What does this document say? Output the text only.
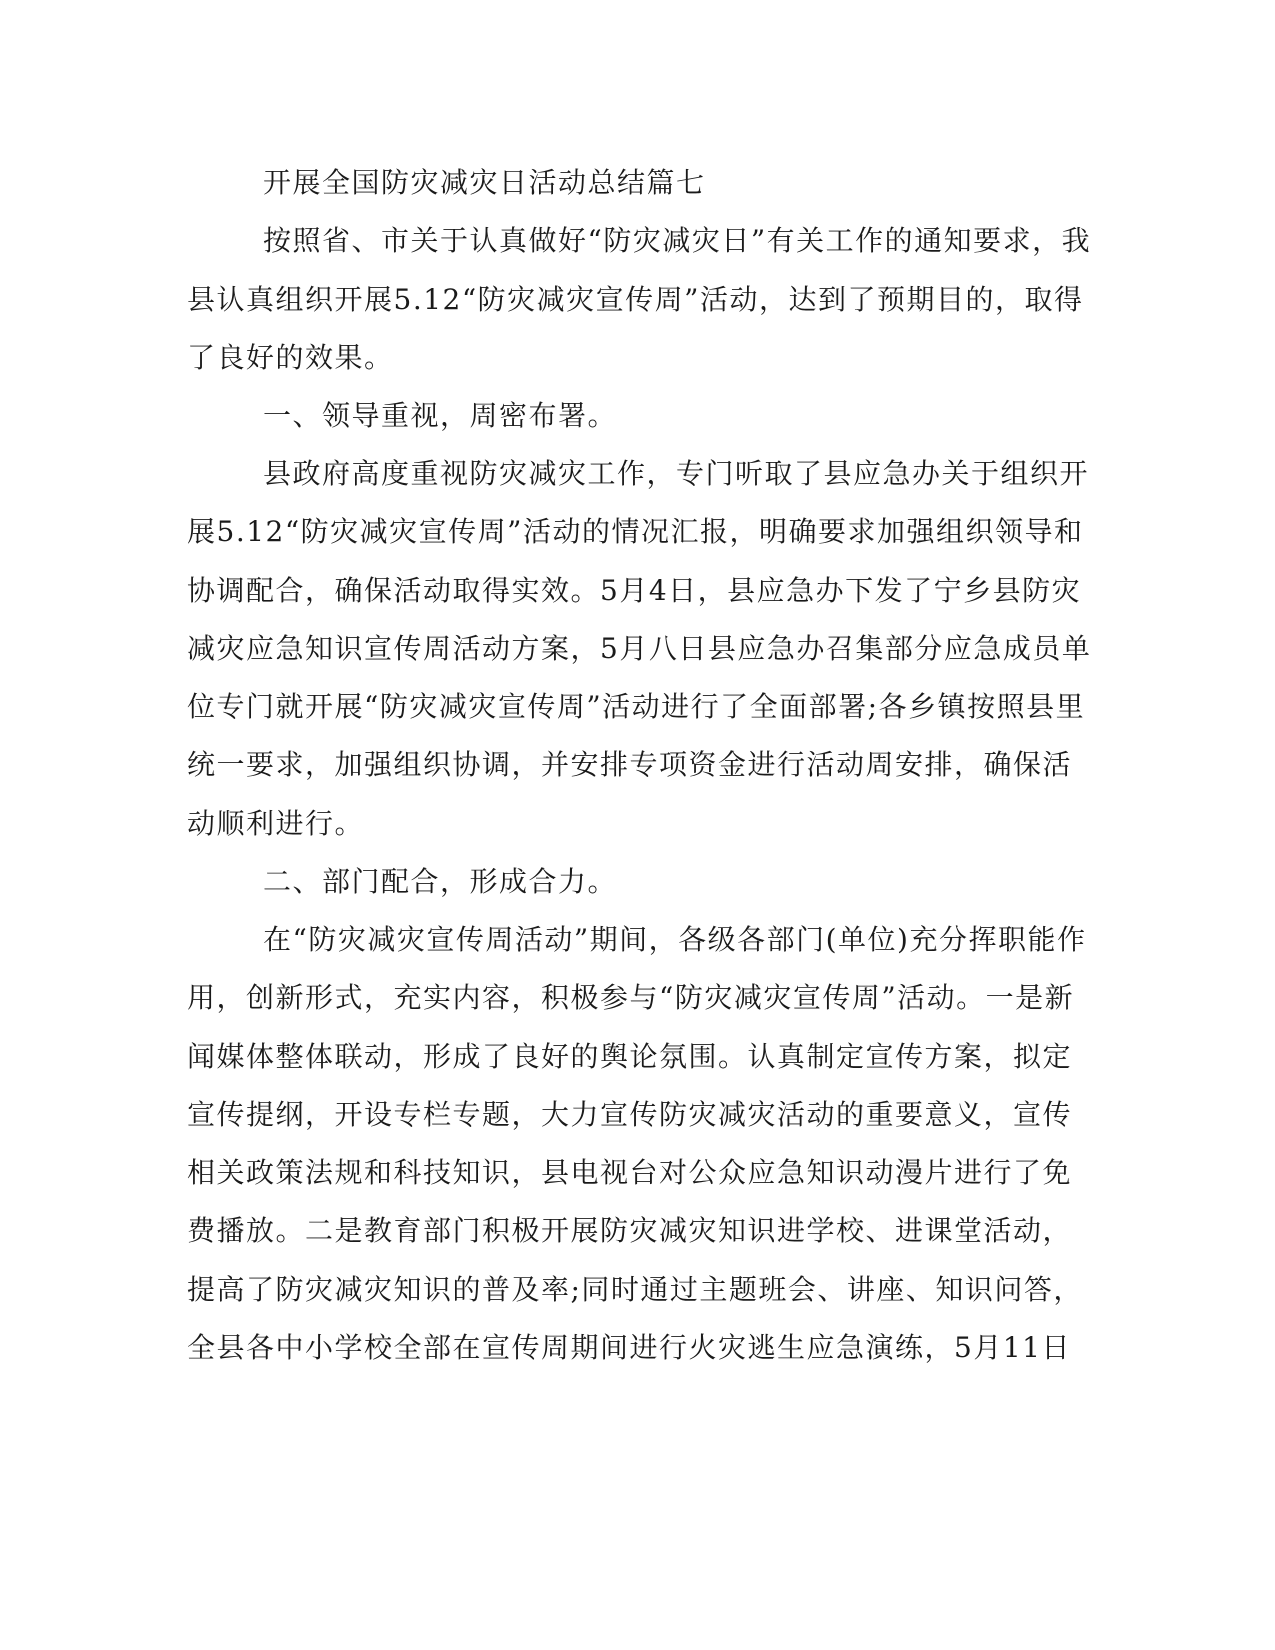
开展全国防灾减灾日活动总结篇七
按照省、市关于认真做好“防灾减灾日”有关工作的通知要求，我
县认真组织开展5.12“防灾减灾宣传周”活动，达到了预期目的，取得
了良好的效果。
一、领导重视，周密布署。
县政府高度重视防灾减灾工作，专门听取了县应急办关于组织开
展5.12“防灾减灾宣传周”活动的情况汇报，明确要求加强组织领导和
协调配合，确保活动取得实效。5月4日，县应急办下发了宁乡县防灾
减灾应急知识宣传周活动方案，5月八日县应急办召集部分应急成员单
位专门就开展“防灾减灾宣传周”活动进行了全面部署;各乡镇按照县里
统一要求，加强组织协调，并安排专项资金进行活动周安排，确保活
动顺利进行。
二、部门配合，形成合力。
在“防灾减灾宣传周活动”期间，各级各部门(单位)充分挥职能作
用，创新形式，充实内容，积极参与“防灾减灾宣传周”活动。一是新
闻媒体整体联动，形成了良好的舆论氛围。认真制定宣传方案，拟定
宣传提纲，开设专栏专题，大力宣传防灾减灾活动的重要意义，宣传
相关政策法规和科技知识，县电视台对公众应急知识动漫片进行了免
费播放。二是教育部门积极开展防灾减灾知识进学校、进课堂活动，
提高了防灾减灾知识的普及率;同时通过主题班会、讲座、知识问答，
全县各中小学校全部在宣传周期间进行火灾逃生应急演练，5月11日
